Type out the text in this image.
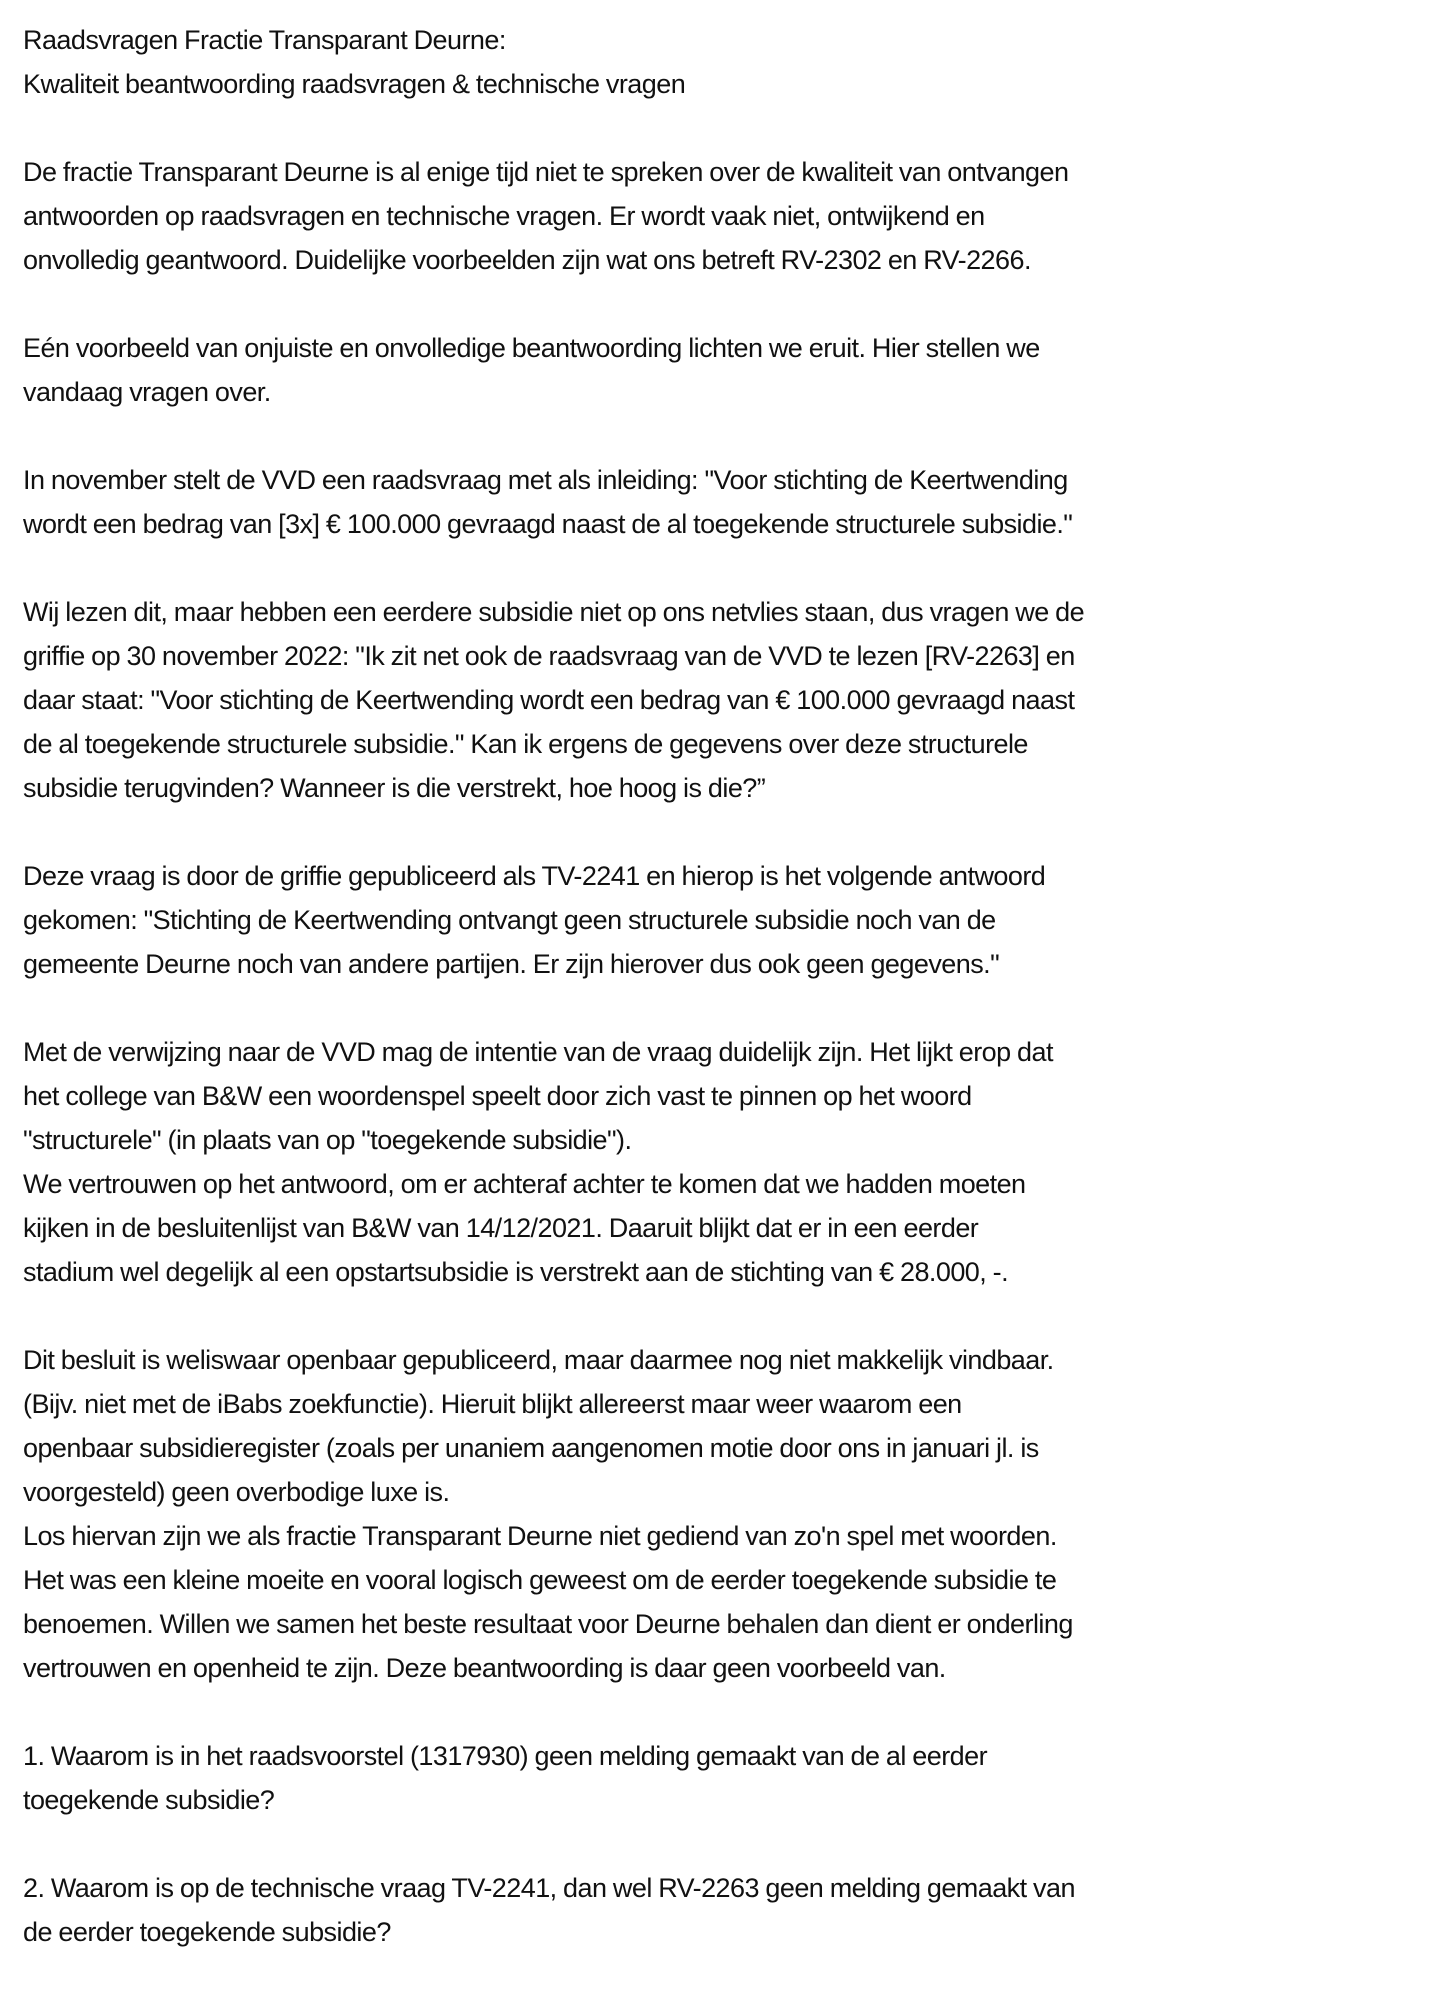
Raadsvragen Fractie Transparant Deurne:
Kwaliteit beantwoording raadsvragen & technische vragen
De fractie Transparant Deurne is al enige tijd niet te spreken over de kwaliteit van ontvangen
antwoorden op raadsvragen en technische vragen. Er wordt vaak niet, ontwijkend en
onvolledig geantwoord. Duidelijke voorbeelden zijn wat ons betreft RV-2302 en RV-2266.
Eén voorbeeld van onjuiste en onvolledige beantwoording lichten we eruit. Hier stellen we
vandaag vragen over.
In november stelt de VVD een raadsvraag met als inleiding: "Voor stichting de Keertwending
wordt een bedrag van [3x] € 100.000 gevraagd naast de al toegekende structurele subsidie."
Wij lezen dit, maar hebben een eerdere subsidie niet op ons netvlies staan, dus vragen we de
griffie op 30 november 2022: "Ik zit net ook de raadsvraag van de VVD te lezen [RV-2263] en
daar staat: "Voor stichting de Keertwending wordt een bedrag van € 100.000 gevraagd naast
de al toegekende structurele subsidie." Kan ik ergens de gegevens over deze structurele
subsidie terugvinden? Wanneer is die verstrekt, hoe hoog is die?”
Deze vraag is door de griffie gepubliceerd als TV-2241 en hierop is het volgende antwoord
gekomen: "Stichting de Keertwending ontvangt geen structurele subsidie noch van de
gemeente Deurne noch van andere partijen. Er zijn hierover dus ook geen gegevens."
Met de verwijzing naar de VVD mag de intentie van de vraag duidelijk zijn. Het lijkt erop dat
het college van B&W een woordenspel speelt door zich vast te pinnen op het woord
"structurele" (in plaats van op "toegekende subsidie").
We vertrouwen op het antwoord, om er achteraf achter te komen dat we hadden moeten
kijken in de besluitenlijst van B&W van 14/12/2021. Daaruit blijkt dat er in een eerder
stadium wel degelijk al een opstartsubsidie is verstrekt aan de stichting van € 28.000, -.
Dit besluit is weliswaar openbaar gepubliceerd, maar daarmee nog niet makkelijk vindbaar.
(Bijv. niet met de iBabs zoekfunctie). Hieruit blijkt allereerst maar weer waarom een
openbaar subsidieregister (zoals per unaniem aangenomen motie door ons in januari jl. is
voorgesteld) geen overbodige luxe is.
Los hiervan zijn we als fractie Transparant Deurne niet gediend van zo'n spel met woorden.
Het was een kleine moeite en vooral logisch geweest om de eerder toegekende subsidie te
benoemen. Willen we samen het beste resultaat voor Deurne behalen dan dient er onderling
vertrouwen en openheid te zijn. Deze beantwoording is daar geen voorbeeld van.
1. Waarom is in het raadsvoorstel (1317930) geen melding gemaakt van de al eerder
toegekende subsidie?
2. Waarom is op de technische vraag TV-2241, dan wel RV-2263 geen melding gemaakt van
de eerder toegekende subsidie?
